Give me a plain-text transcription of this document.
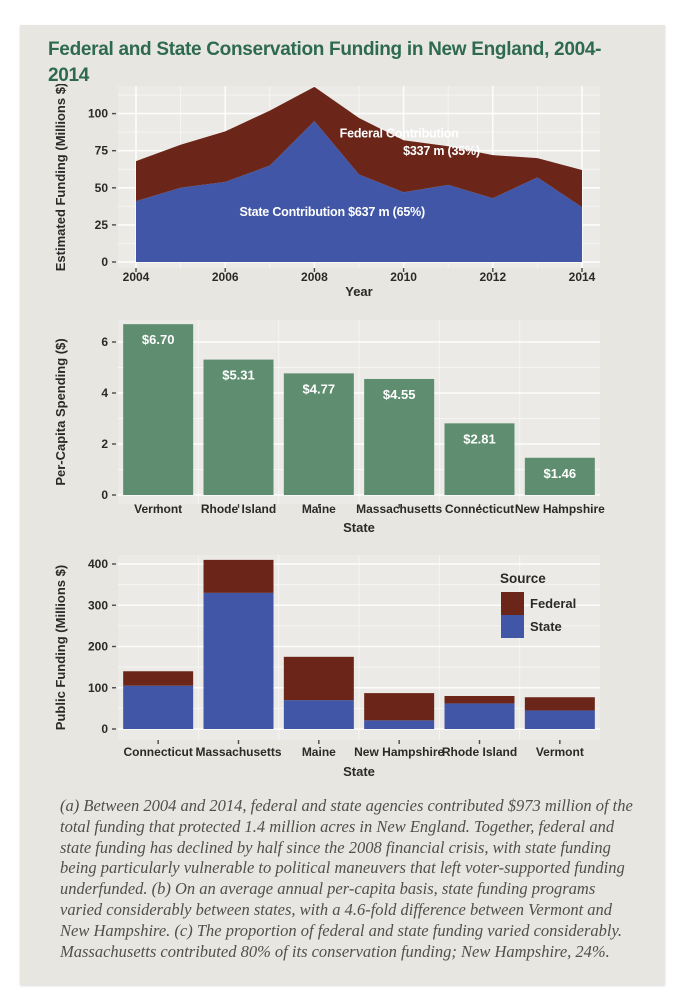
Federal and State Conservation Funding in New England, 2004-2014
2004	2006	2008	2010	2012	2014
0
25
50
75
100
Estimated Funding (Millions $)
Year
Federal Contribution
$337 m (35%)
State Contribution $637 m (65%)
$6.70
$5.31
$4.77	$4.55
$2.81
$1.46
Vermont Rhode Island Maine Massachusetts Connecticut New Hampshire
0
2
4
6
Per-Capita Spending ($)
State
Connecticut Massachusetts Maine New Hampshire
Rhode Island Vermont
0
100
200
300
400
Public Funding (Millions $)
State
Source
Federal
State

(a) Between 2004 and 2014, federal and state agencies contributed $973 million of the total funding that protected 1.4 million acres in New England. Together, federal and state funding has declined by half since the 2008 financial crisis, with state funding being particularly vulnerable to political maneuvers that left voter-supported funding underfunded. (b) On an average annual per-capita basis, state funding programs varied considerably between states, with a 4.6-fold difference between Vermont and New Hampshire. (c) The proportion of federal and state funding varied considerably. Massachusetts contributed 80% of its conservation funding; New Hampshire, 24%.
